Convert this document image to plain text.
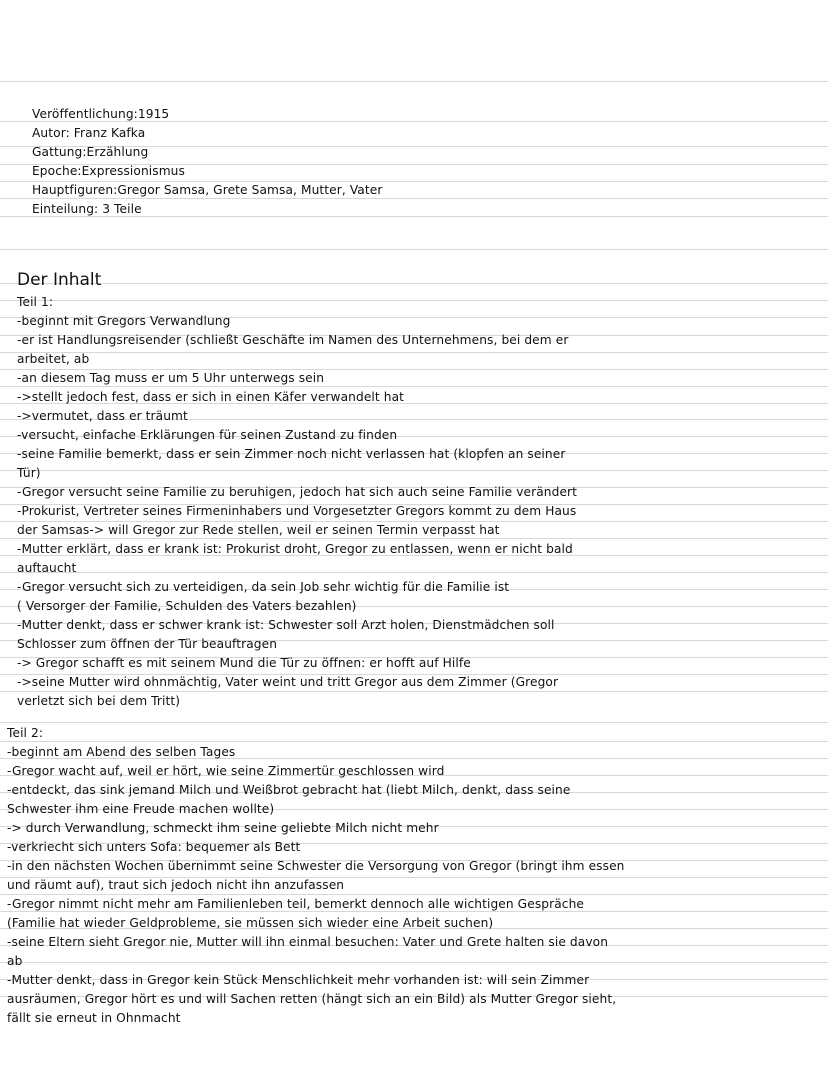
Veröffentlichung:1915
Autor: Franz Kafka
Gattung:Erzählung
Epoche:Expressionismus
Hauptfiguren:Gregor Samsa, Grete Samsa, Mutter, Vater
Einteilung: 3 Teile
Der Inhalt
Teil 1:
-beginnt mit Gregors Verwandlung
-er ist Handlungsreisender (schließt Geschäfte im Namen des Unternehmens, bei dem er
arbeitet, ab
-an diesem Tag muss er um 5 Uhr unterwegs sein
->stellt jedoch fest, dass er sich in einen Käfer verwandelt hat
->vermutet, dass er träumt
-versucht, einfache Erklärungen für seinen Zustand zu finden
-seine Familie bemerkt, dass er sein Zimmer noch nicht verlassen hat (klopfen an seiner
Tür)
-Gregor versucht seine Familie zu beruhigen, jedoch hat sich auch seine Familie verändert
-Prokurist, Vertreter seines Firmeninhabers und Vorgesetzter Gregors kommt zu dem Haus
der Samsas-> will Gregor zur Rede stellen, weil er seinen Termin verpasst hat
-Mutter erklärt, dass er krank ist: Prokurist droht, Gregor zu entlassen, wenn er nicht bald
auftaucht
-Gregor versucht sich zu verteidigen, da sein Job sehr wichtig für die Familie ist
( Versorger der Familie, Schulden des Vaters bezahlen)
-Mutter denkt, dass er schwer krank ist: Schwester soll Arzt holen, Dienstmädchen soll
Schlosser zum öffnen der Tür beauftragen
-> Gregor schafft es mit seinem Mund die Tür zu öffnen: er hofft auf Hilfe
->seine Mutter wird ohnmächtig, Vater weint und tritt Gregor aus dem Zimmer (Gregor
verletzt sich bei dem Tritt)
Teil 2:
-beginnt am Abend des selben Tages
-Gregor wacht auf, weil er hört, wie seine Zimmertür geschlossen wird
-entdeckt, das sink jemand Milch und Weißbrot gebracht hat (liebt Milch, denkt, dass seine
Schwester ihm eine Freude machen wollte)
-> durch Verwandlung, schmeckt ihm seine geliebte Milch nicht mehr
-verkriecht sich unters Sofa: bequemer als Bett
-in den nächsten Wochen übernimmt seine Schwester die Versorgung von Gregor (bringt ihm essen
und räumt auf), traut sich jedoch nicht ihn anzufassen
-Gregor nimmt nicht mehr am Familienleben teil, bemerkt dennoch alle wichtigen Gespräche
(Familie hat wieder Geldprobleme, sie müssen sich wieder eine Arbeit suchen)
-seine Eltern sieht Gregor nie, Mutter will ihn einmal besuchen: Vater und Grete halten sie davon
ab
-Mutter denkt, dass in Gregor kein Stück Menschlichkeit mehr vorhanden ist: will sein Zimmer
ausräumen, Gregor hört es und will Sachen retten (hängt sich an ein Bild) als Mutter Gregor sieht,
fällt sie erneut in Ohnmacht
